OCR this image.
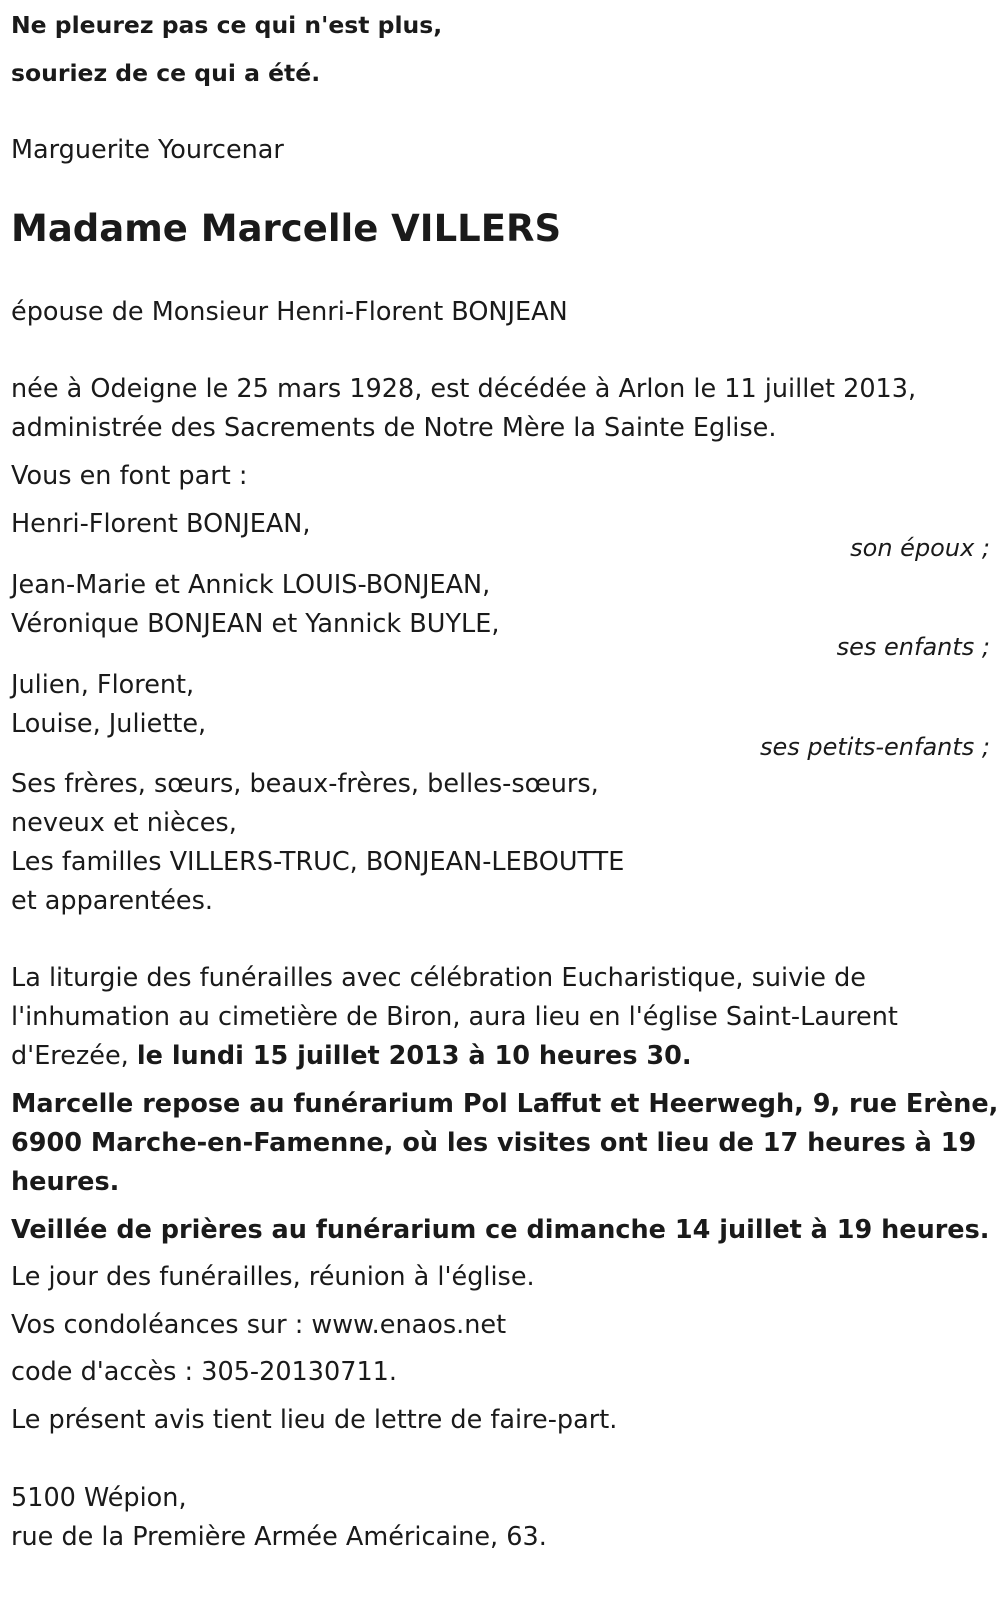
Ne pleurez pas ce qui n'est plus,
souriez de ce qui a été.
Marguerite Yourcenar
Madame Marcelle VILLERS
épouse de Monsieur Henri-Florent BONJEAN
née à Odeigne le 25 mars 1928, est décédée à Arlon le 11 juillet 2013,
administrée des Sacrements de Notre Mère la Sainte Eglise.
Vous en font part :
Henri-Florent BONJEAN,
son époux ;
Jean-Marie et Annick LOUIS-BONJEAN,
Véronique BONJEAN et Yannick BUYLE,
ses enfants ;
Julien, Florent,
Louise, Juliette,
ses petits-enfants ;
Ses frères, sœurs, beaux-frères, belles-sœurs,
neveux et nièces,
Les familles VILLERS-TRUC, BONJEAN-LEBOUTTE
et apparentées.
La liturgie des funérailles avec célébration Eucharistique, suivie de
l'inhumation au cimetière de Biron, aura lieu en l'église Saint-Laurent
d'Erezée, le lundi 15 juillet 2013 à 10 heures 30.
Marcelle repose au funérarium Pol Laffut et Heerwegh, 9, rue Erène,
6900 Marche-en-Famenne, où les visites ont lieu de 17 heures à 19
heures.
Veillée de prières au funérarium ce dimanche 14 juillet à 19 heures.
Le jour des funérailles, réunion à l'église.
Vos condoléances sur : www.enaos.net
code d'accès : 305-20130711.
Le présent avis tient lieu de lettre de faire-part.
5100 Wépion,
rue de la Première Armée Américaine, 63.
